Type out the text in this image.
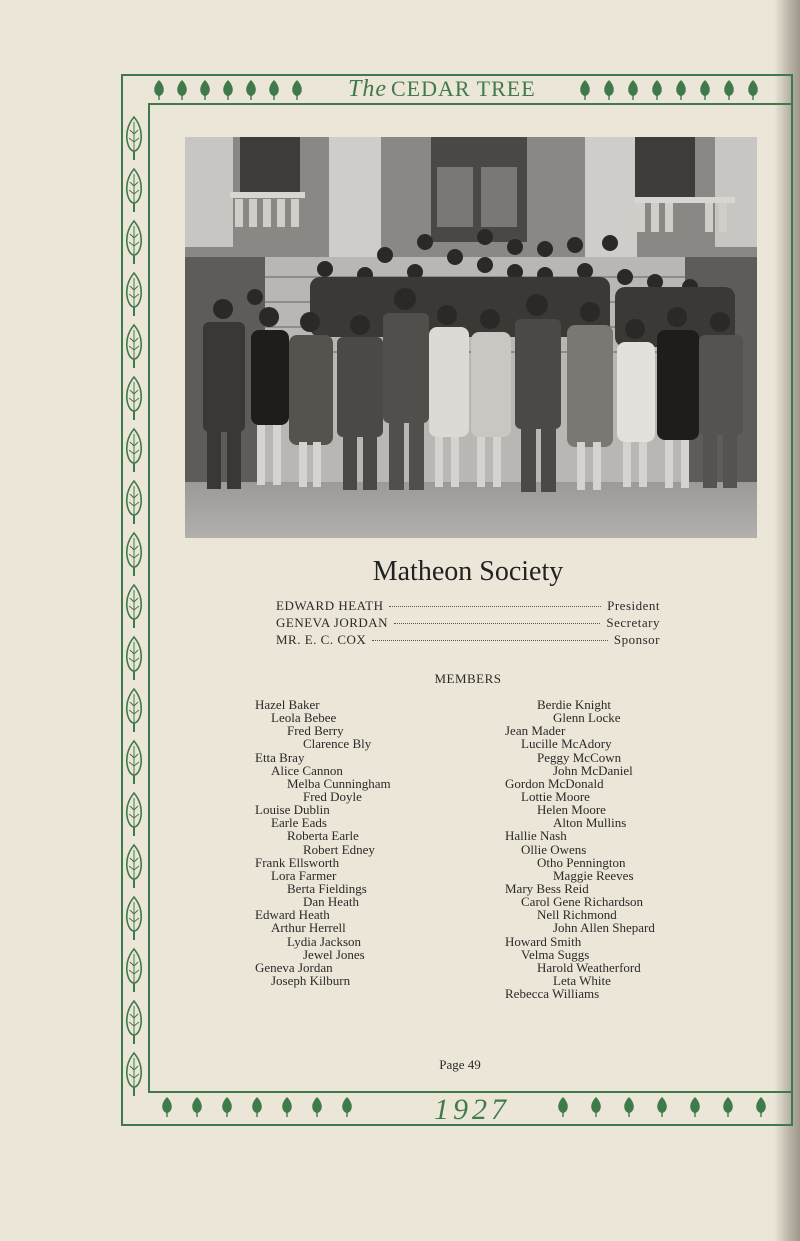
The CEDAR TREE
1927
Matheon Society
EDWARD HEATH	President
GENEVA JORDAN	Secretary
MR. E. C. COX	Sponsor
MEMBERS
Hazel Baker
Leola Bebee
Fred Berry
Clarence Bly
Etta Bray
Alice Cannon
Melba Cunningham
Fred Doyle
Louise Dublin
Earle Eads
Roberta Earle
Robert Edney
Frank Ellsworth
Lora Farmer
Berta Fieldings
Dan Heath
Edward Heath
Arthur Herrell
Lydia Jackson
Jewel Jones
Geneva Jordan
Joseph Kilburn
Berdie Knight
Glenn Locke
Jean Mader
Lucille McAdory
Peggy McCown
John McDaniel
Gordon McDonald
Lottie Moore
Helen Moore
Alton Mullins
Hallie Nash
Ollie Owens
Otho Pennington
Maggie Reeves
Mary Bess Reid
Carol Gene Richardson
Nell Richmond
John Allen Shepard
Howard Smith
Velma Suggs
Harold Weatherford
Leta White
Rebecca Williams
Page 49
